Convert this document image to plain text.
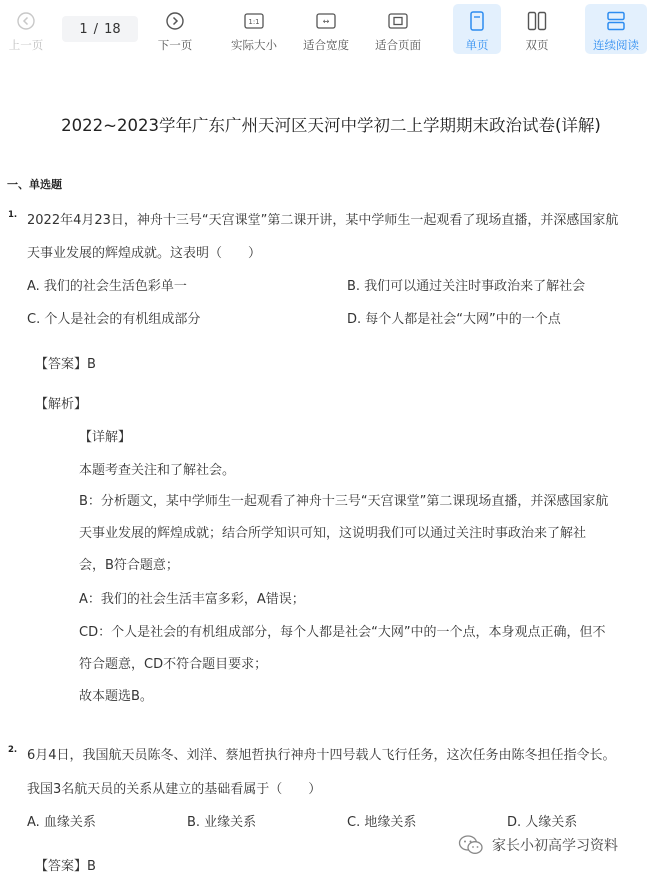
上一页
1 / 18
下一页
1:1
实际大小
↔
适合宽度 适合页面	单页	双页	连续阅读
2022~2023学年广东广州天河区天河中学初二上学期期末政治试卷(详解)
一、单选题
1. 2022年4月23日，神舟十三号“天宫课堂”第二课开讲，某中学师生一起观看了现场直播，并深感国家航
天事业发展的辉煌成就。这表明（　　）
A. 我们的社会生活色彩单一	B. 我们可以通过关注时事政治来了解社会
C. 个人是社会的有机组成部分	D. 每个人都是社会“大网”中的一个点
【答案】B
【解析】
【详解】
本题考查关注和了解社会。
B：分析题文，某中学师生一起观看了神舟十三号“天宫课堂”第二课现场直播，并深感国家航
天事业发展的辉煌成就；结合所学知识可知，这说明我们可以通过关注时事政治来了解社
会，B符合题意；
A：我们的社会生活丰富多彩，A错误；
CD：个人是社会的有机组成部分，每个人都是社会“大网”中的一个点，本身观点正确，但不
符合题意，CD不符合题目要求；
故本题选B。
2. 6月4日，我国航天员陈冬、刘洋、蔡旭哲执行神舟十四号载人飞行任务，这次任务由陈冬担任指令长。
我国3名航天员的关系从建立的基础看属于（　　）
A. 血缘关系	B. 业缘关系	C. 地缘关系	D. 人缘关系
【答案】B
家长小初高学习资料
